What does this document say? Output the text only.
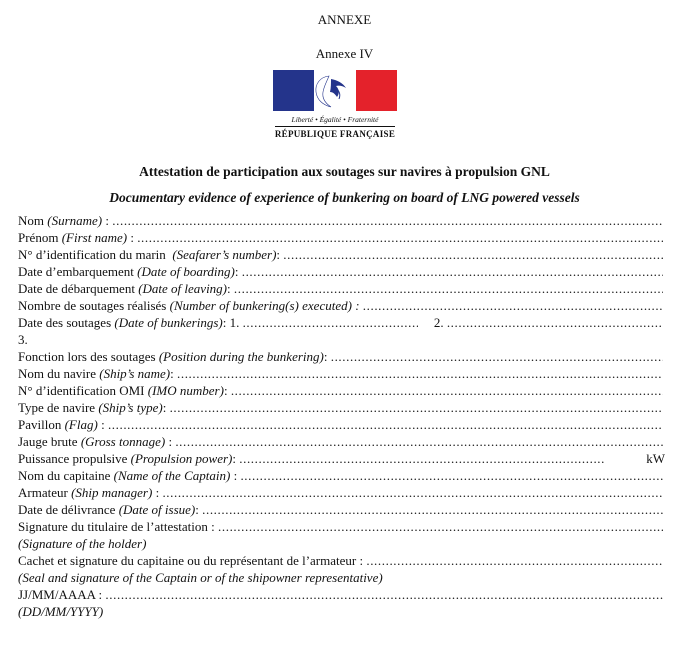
ANNEXE
Annexe IV
Liberté • Égalité • Fraternité
RÉPUBLIQUE FRANÇAISE
Attestation de participation aux soutages sur navires à propulsion GNL
Documentary evidence of experience of bunkering on board of LNG powered vessels
Nom (Surname) : .....
Prénom (First name) : .....
N° d’identification du marin (Seafarer’s number): .....
Date d’embarquement (Date of boarding): .....
Date de débarquement (Date of leaving): .....
Nombre de soutages réalisés (Number of bunkering(s) executed) : .....
Date des soutages (Date of bunkerings): 1. .....	2. .....
3.
Fonction lors des soutages (Position during the bunkering): .....
Nom du navire (Ship’s name): .....
N° d’identification OMI (IMO number): .....
Type de navire (Ship’s type): .....
Pavillon (Flag) : .....
Jauge brute (Gross tonnage) : .....
Puissance propulsive (Propulsion power): .....	kW
Nom du capitaine (Name of the Captain) : .....
Armateur (Ship manager) : .....
Date de délivrance (Date of issue): .....
Signature du titulaire de l’attestation : .....
(Signature of the holder)
Cachet et signature du capitaine ou du représentant de l’armateur : .....
(Seal and signature of the Captain or of the shipowner representative)
JJ/MM/AAAA : .....
(DD/MM/YYYY)
